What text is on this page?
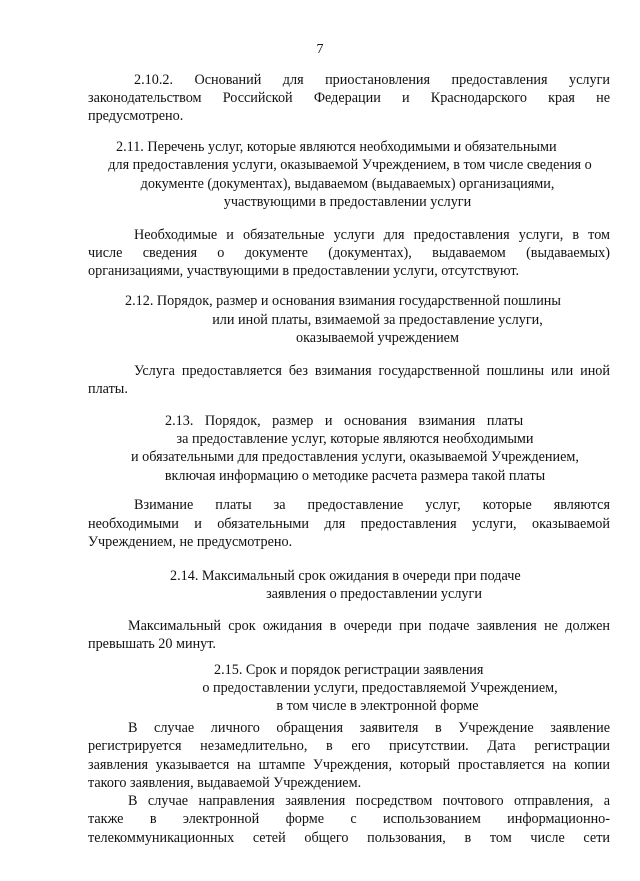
7
2.10.2. Оснований для приостановления предоставления услуги
законодательством Российской Федерации и Краснодарского края не
предусмотрено.
2.11. Перечень услуг, которые являются необходимыми и обязательными
для предоставления услуги, оказываемой Учреждением, в том числе сведения о
документе (документах), выдаваемом (выдаваемых) организациями,
участвующими в предоставлении услуги
Необходимые и обязательные услуги для предоставления услуги, в том
числе сведения о документе (документах), выдаваемом (выдаваемых)
организациями, участвующими в предоставлении услуги, отсутствуют.
2.12. Порядок, размер и основания взимания государственной пошлины
или иной платы, взимаемой за предоставление услуги,
оказываемой учреждением
Услуга предоставляется без взимания государственной пошлины или иной
платы.
2.13. Порядок, размер и основания взимания платы
за предоставление услуг, которые являются необходимыми
и обязательными для предоставления услуги, оказываемой Учреждением,
включая информацию о методике расчета размера такой платы
Взимание платы за предоставление услуг, которые являются
необходимыми и обязательными для предоставления услуги, оказываемой
Учреждением, не предусмотрено.
2.14. Максимальный срок ожидания в очереди при подаче
заявления о предоставлении услуги
Максимальный срок ожидания в очереди при подаче заявления не должен
превышать 20 минут.
2.15. Срок и порядок регистрации заявления
о предоставлении услуги, предоставляемой Учреждением,
в том числе в электронной форме
В случае личного обращения заявителя в Учреждение заявление
регистрируется незамедлительно, в его присутствии. Дата регистрации
заявления указывается на штампе Учреждения, который проставляется на копии
такого заявления, выдаваемой Учреждением.
В случае направления заявления посредством почтового отправления, а
также в электронной форме с использованием информационно-
телекоммуникационных сетей общего пользования, в том числе сети
